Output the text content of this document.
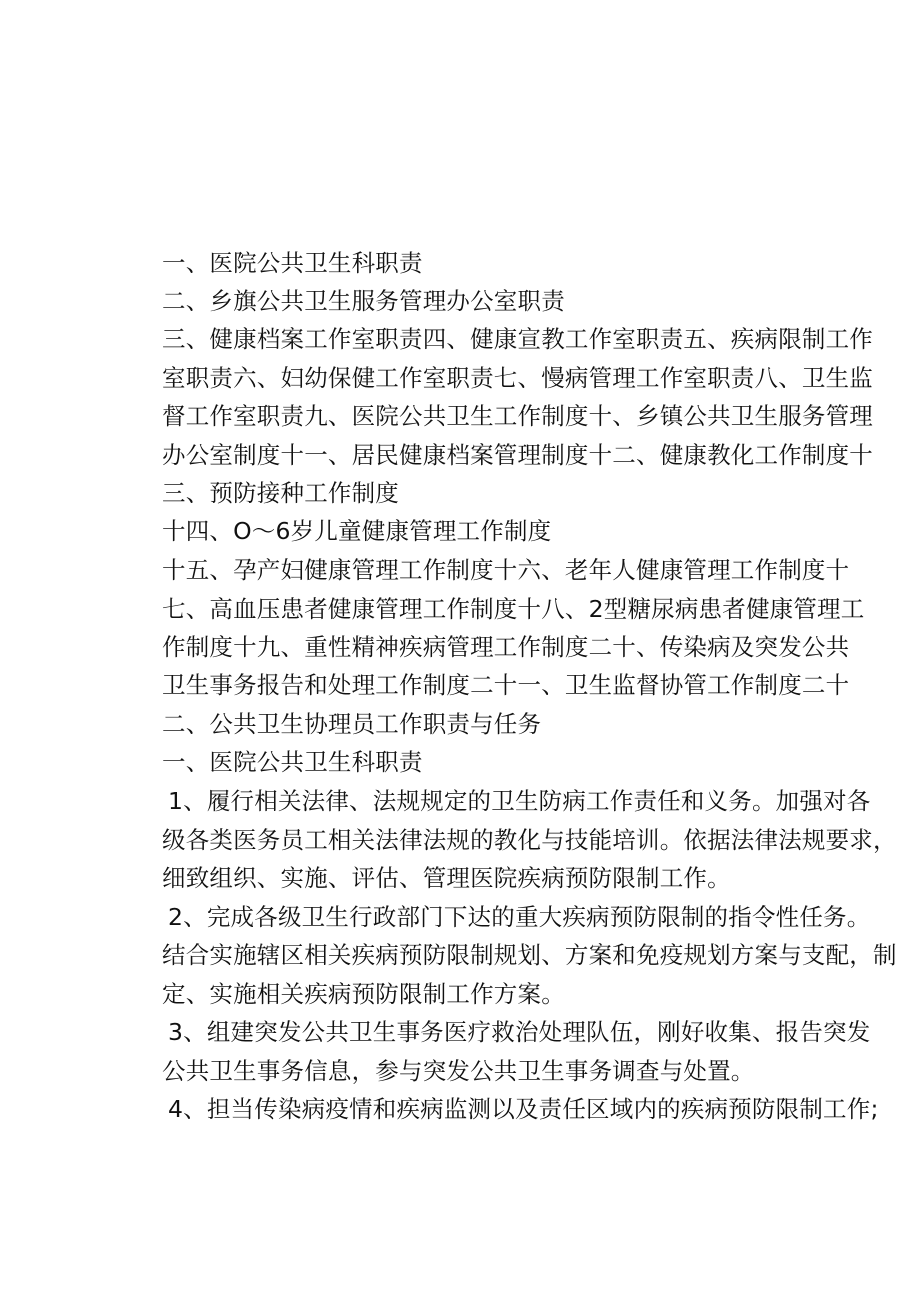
一、医院公共卫生科职责
二、乡旗公共卫生服务管理办公室职责
三、健康档案工作室职责四、健康宣教工作室职责五、疾病限制工作
室职责六、妇幼保健工作室职责七、慢病管理工作室职责八、卫生监
督工作室职责九、医院公共卫生工作制度十、乡镇公共卫生服务管理
办公室制度十一、居民健康档案管理制度十二、健康教化工作制度十
三、预防接种工作制度
十四、O～6岁儿童健康管理工作制度
十五、孕产妇健康管理工作制度十六、老年人健康管理工作制度十
七、高血压患者健康管理工作制度十八、2型糖尿病患者健康管理工
作制度十九、重性精神疾病管理工作制度二十、传染病及突发公共
卫生事务报告和处理工作制度二十一、卫生监督协管工作制度二十
二、公共卫生协理员工作职责与任务
一、医院公共卫生科职责
1、履行相关法律、法规规定的卫生防病工作责任和义务。加强对各
级各类医务员工相关法律法规的教化与技能培训。依据法律法规要求，
细致组织、实施、评估、管理医院疾病预防限制工作。
2、完成各级卫生行政部门下达的重大疾病预防限制的指令性任务。
结合实施辖区相关疾病预防限制规划、方案和免疫规划方案与支配，制
定、实施相关疾病预防限制工作方案。
3、组建突发公共卫生事务医疗救治处理队伍，刚好收集、报告突发
公共卫生事务信息，参与突发公共卫生事务调查与处置。
4、担当传染病疫情和疾病监测以及责任区域内的疾病预防限制工作;
